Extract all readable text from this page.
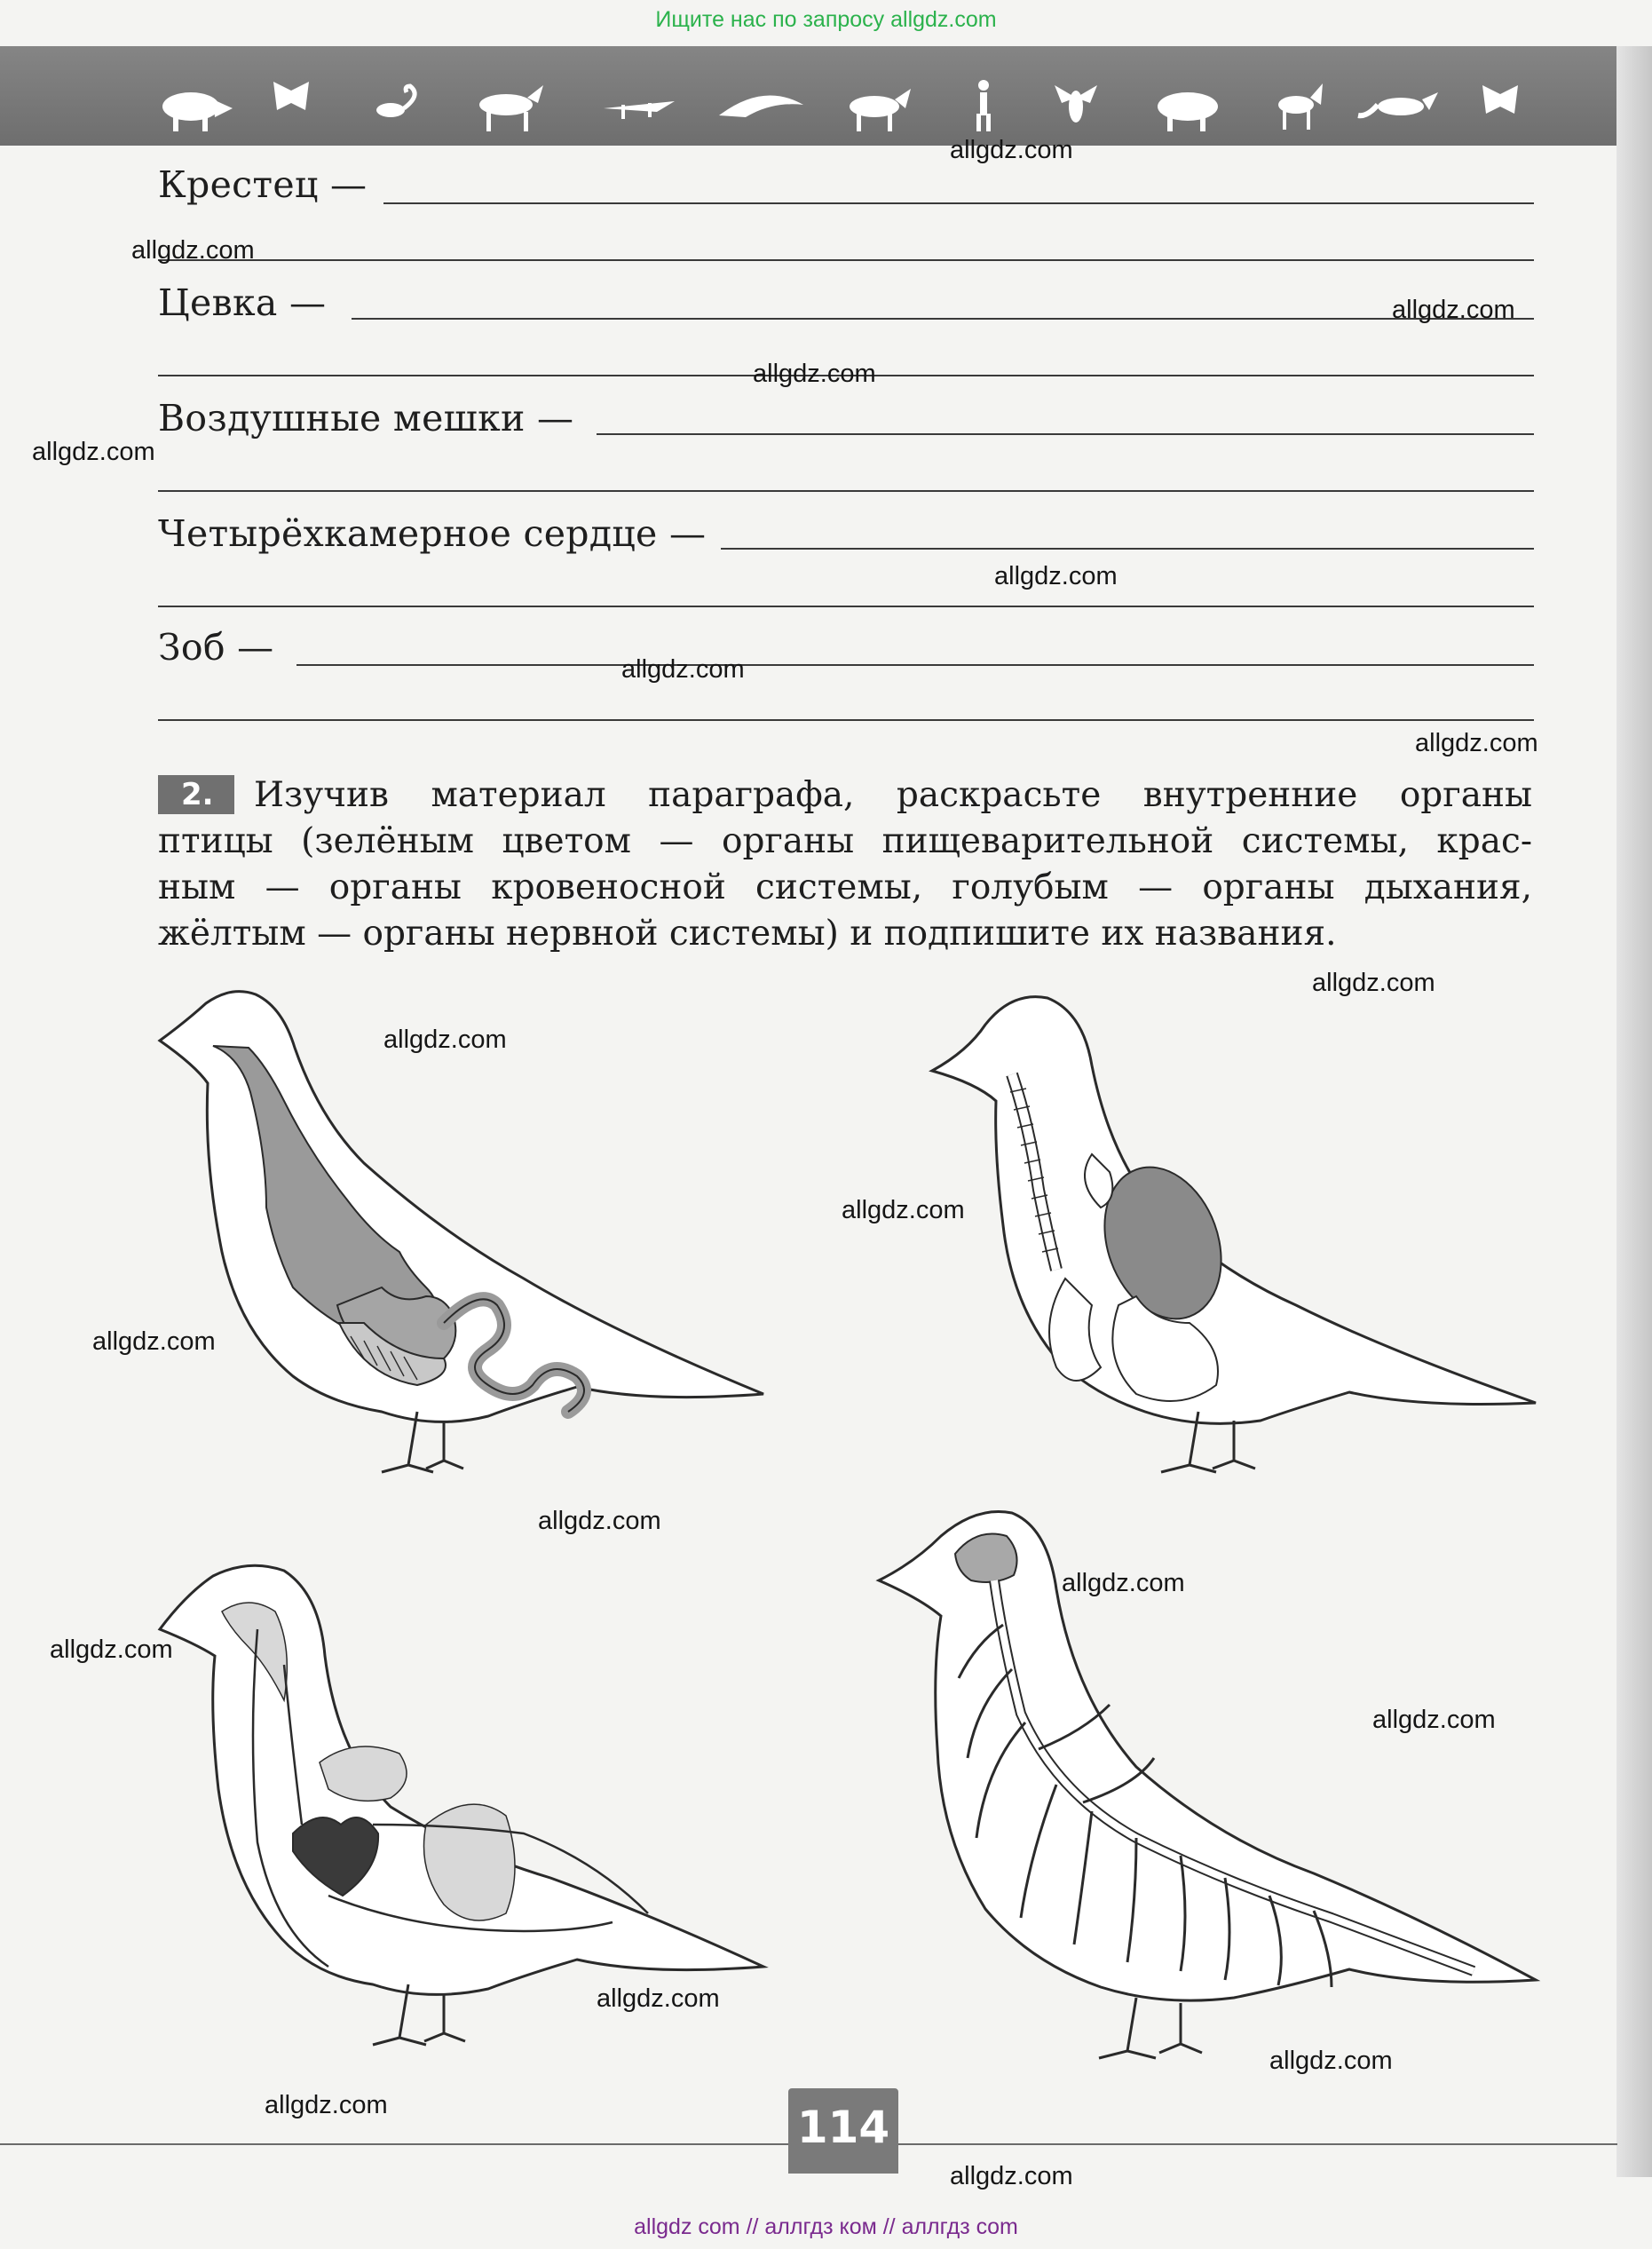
Ищите нас по запросу allgdz.com
Крестец —
Цевка —
Воздушные мешки —
Четырёхкамерное сердце —
Зоб —
2.	Изучив материал параграфа, раскрасьте внутренние органы
птицы (зелёным цветом — органы пищеварительной системы, крас-
ным — органы кровеносной системы, голубым — органы дыхания,
жёлтым — органы нервной системы) и подпишите их названия.
114
allgdz.com
allgdz.com
allgdz.com
allgdz.com
allgdz.com
allgdz.com
allgdz.com
allgdz.com
allgdz.com
allgdz.com
allgdz.com
allgdz.com
allgdz.com
allgdz.com
allgdz.com
allgdz.com
allgdz.com
allgdz.com
allgdz.com
allgdz.com
allgdz com // аллгдз ком // аллгдз com
